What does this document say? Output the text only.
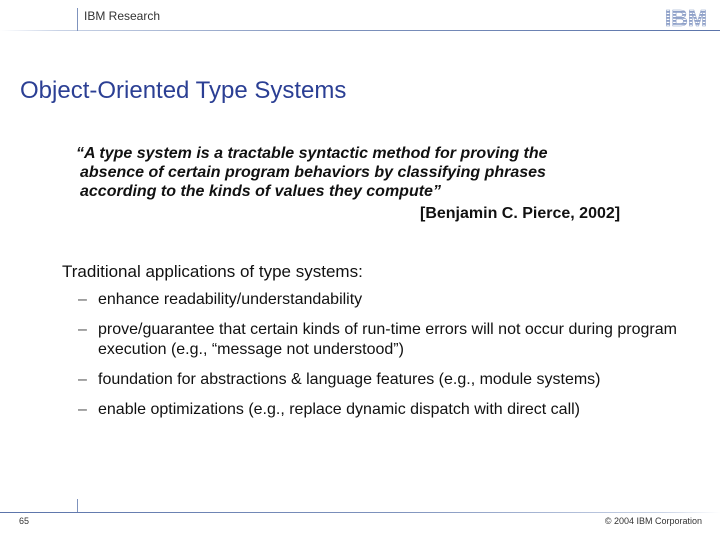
IBM Research	IBM
Object-Oriented Type Systems
“A type system is a tractable syntactic method for proving the
absence of certain program behaviors by classifying phrases
according to the kinds of values they compute”
[Benjamin C. Pierce, 2002]
Traditional applications of type systems:
– enhance readability/understandability
– prove/guarantee that certain kinds of run-time errors will not occur during program execution (e.g., “message not understood”)
– foundation for abstractions & language features (e.g., module systems)
– enable optimizations (e.g., replace dynamic dispatch with direct call)
65	© 2004 IBM Corporation
